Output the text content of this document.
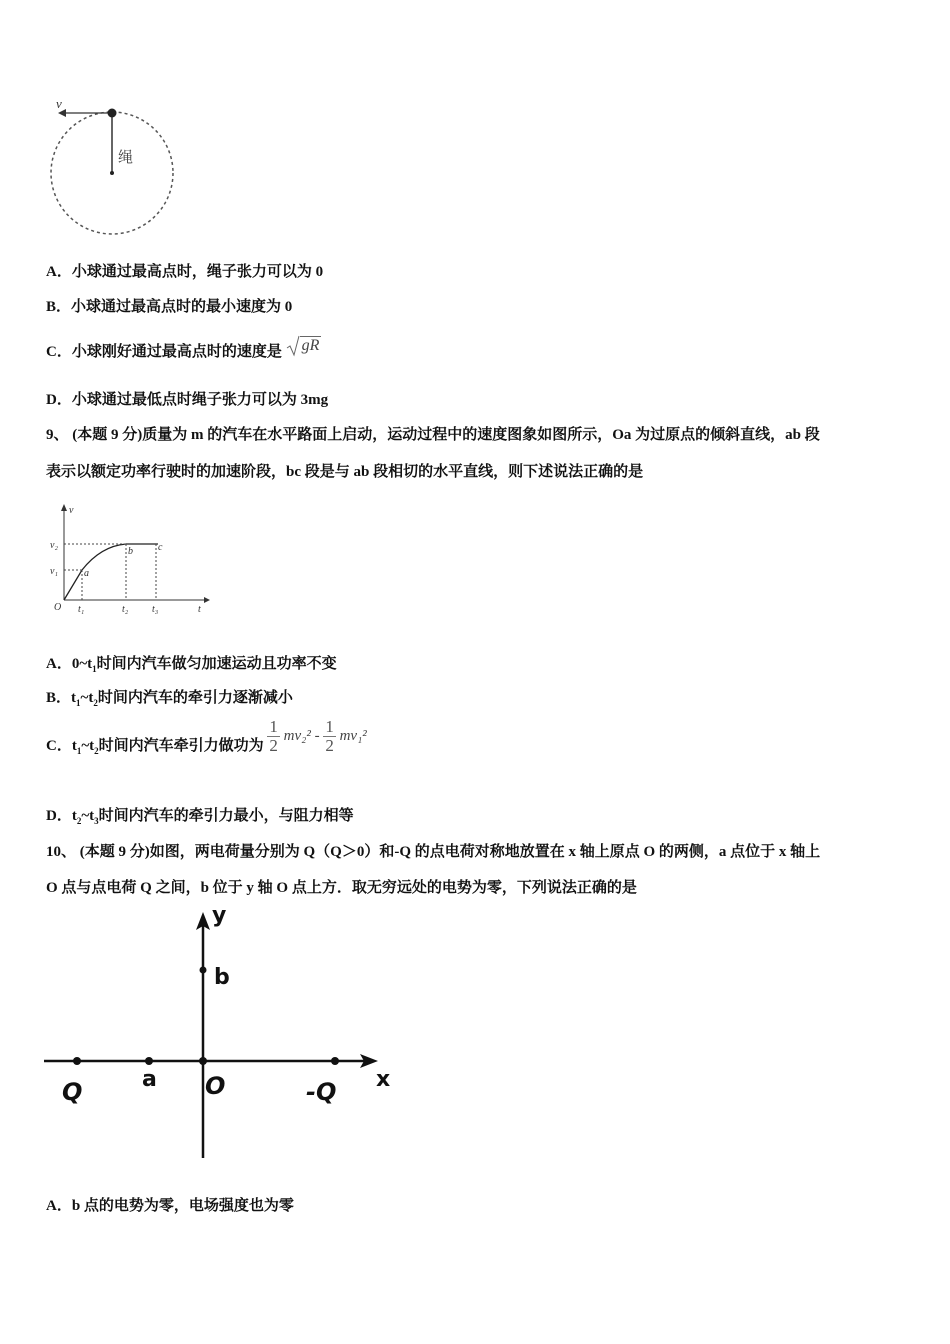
v
绳
A．小球通过最高点时，绳子张力可以为 0
B．小球通过最高点时的最小速度为 0
C．小球刚好通过最高点时的速度是 gR
D．小球通过最低点时绳子张力可以为 3mg
9、 (本题 9 分)质量为 m 的汽车在水平路面上启动，运动过程中的速度图象如图所示，Oa 为过原点的倾斜直线，ab 段
表示以额定功率行驶时的加速阶段，bc 段是与 ab 段相切的水平直线，则下述说法正确的是
v
t
O
v₂
v₁
t₁	t₂ t₃
a
b	c
A．$0\sim t_1$时间内汽车做匀加速运动且功率不变
B．$t_1\sim t_2$时间内汽车的牵引力逐渐减小
C．$t_1\sim t_2$时间内汽车牵引力做功为 $\frac{1}{2} mv_2^2 - \frac{1}{2} mv_1^2$
D．$t_2\sim t_3$时间内汽车的牵引力最小，与阻力相等
10、 (本题 9 分)如图，两电荷量分别为 Q（Q＞0）和-Q 的点电荷对称地放置在 x 轴上原点 O 的两侧，a 点位于 x 轴上
O 点与点电荷 Q 之间，b 位于 y 轴 O 点上方．取无穷远处的电势为零，下列说法正确的是
y
b
x
Q	a O	-Q
A．b 点的电势为零，电场强度也为零
